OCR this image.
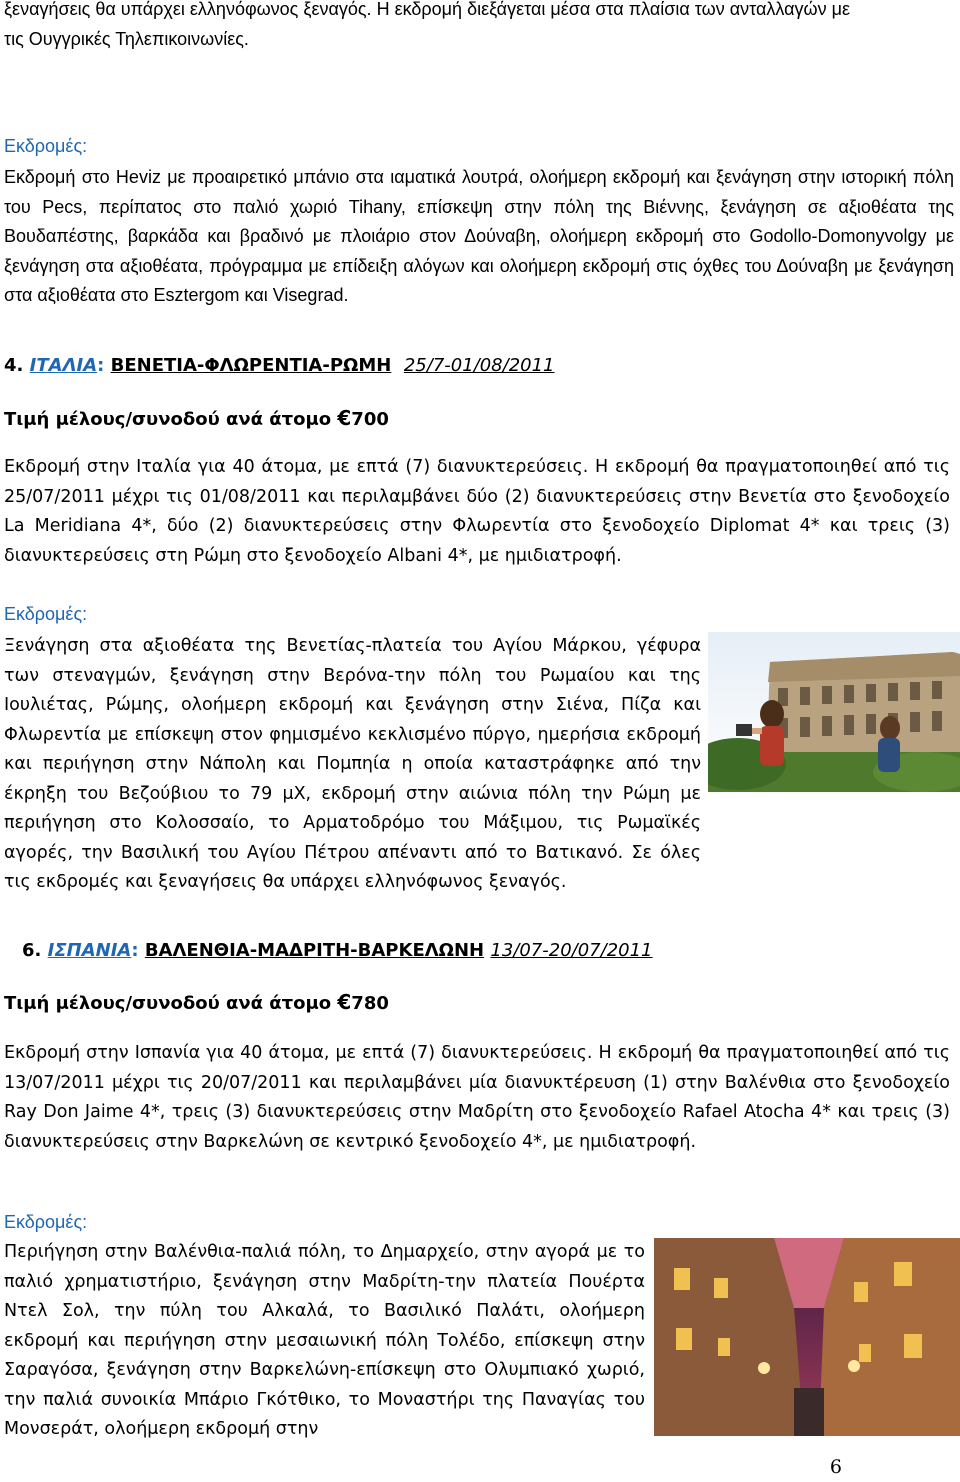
ξεναγήσεις θα υπάρχει ελληνόφωνος ξεναγός. Η εκδρομή διεξάγεται μέσα στα πλαίσια των ανταλλαγών με τις Ουγγρικές Τηλεπικοινωνίες.

Εκδρομές:

Εκδρομή στο Heviz με προαιρετικό μπάνιο στα ιαματικά λουτρά, ολοήμερη εκδρομή και ξενάγηση στην ιστορική πόλη του Pecs, περίπατος στο παλιό χωριό Tihany, επίσκεψη στην πόλη της Βιέννης, ξενάγηση σε αξιοθέατα της Βουδαπέστης, βαρκάδα και βραδινό με πλοιάριο στον Δούναβη, ολοήμερη εκδρομή στο Godollo-Domonyvolgy με ξενάγηση στα αξιοθέατα, πρόγραμμα με επίδειξη αλόγων και ολοήμερη εκδρομή στις όχθες του Δούναβη με ξενάγηση στα αξιοθέατα στο Esztergom και Visegrad.

4. ΙΤΑΛΙΑ: ΒΕΝΕΤΙΑ-ΦΛΩΡΕΝΤΙΑ-ΡΩΜΗ 25/7-01/08/2011
Τιμή μέλους/συνοδού ανά άτομο €700

Εκδρομή στην Ιταλία για 40 άτομα, με επτά (7) διανυκτερεύσεις. Η εκδρομή θα πραγματοποιηθεί από τις 25/07/2011 μέχρι τις 01/08/2011 και περιλαμβάνει δύο (2) διανυκτερεύσεις στην Βενετία στο ξενοδοχείο La Meridiana 4*, δύο (2) διανυκτερεύσεις στην Φλωρεντία στο ξενοδοχείο Diplomat 4* και τρεις (3) διανυκτερεύσεις στη Ρώμη στο ξενοδοχείο Albani 4*, με ημιδιατροφή.

Εκδρομές:

Ξενάγηση στα αξιοθέατα της Βενετίας-πλατεία του Αγίου Μάρκου, γέφυρα των στεναγμών, ξενάγηση στην Βερόνα-την πόλη του Ρωμαίου και της Ιουλιέτας, Ρώμης, ολοήμερη εκδρομή και ξενάγηση στην Σιένα, Πίζα και Φλωρεντία με επίσκεψη στον φημισμένο κεκλισμένο πύργο, ημερήσια εκδρομή και περιήγηση στην Νάπολη και Πομπηία η οποία καταστράφηκε από την έκρηξη του Βεζούβιου το 79 μΧ, εκδρομή στην αιώνια πόλη την Ρώμη με περιήγηση στο Κολοσσαίο, το Αρματοδρόμο του Μάξιμου, τις Ρωμαϊκές αγορές, την Βασιλική του Αγίου Πέτρου απέναντι από το Βατικανό. Σε όλες τις εκδρομές και ξεναγήσεις θα υπάρχει ελληνόφωνος ξεναγός.

6. ΙΣΠΑΝΙΑ: ΒΑΛΕΝΘΙΑ-ΜΑΔΡΙΤΗ-ΒΑΡΚΕΛΩΝΗ 13/07-20/07/2011
Τιμή μέλους/συνοδού ανά άτομο €780

Εκδρομή στην Ισπανία για 40 άτομα, με επτά (7) διανυκτερεύσεις. Η εκδρομή θα πραγματοποιηθεί από τις 13/07/2011 μέχρι τις 20/07/2011 και περιλαμβάνει μία διανυκτέρευση (1) στην Βαλένθια στο ξενοδοχείο Ray Don Jaime 4*, τρεις (3) διανυκτερεύσεις στην Μαδρίτη στο ξενοδοχείο Rafael Atocha 4* και τρεις (3) διανυκτερεύσεις στην Βαρκελώνη σε κεντρικό ξενοδοχείο 4*, με ημιδιατροφή.

Εκδρομές:

Περιήγηση στην Βαλένθια-παλιά πόλη, το Δημαρχείο, στην αγορά με το παλιό χρηματιστήριο, ξενάγηση στην Μαδρίτη-την πλατεία Πουέρτα Ντελ Σολ, την πύλη του Αλκαλά, το Βασιλικό Παλάτι, ολοήμερη εκδρομή και περιήγηση στην μεσαιωνική πόλη Τολέδο, επίσκεψη στην Σαραγόσα, ξενάγηση στην Βαρκελώνη-επίσκεψη στο Ολυμπιακό χωριό, την παλιά συνοικία Μπάριο Γκότθικο, το Μοναστήρι της Παναγίας του Μονσεράτ, ολοήμερη εκδρομή στην

6
